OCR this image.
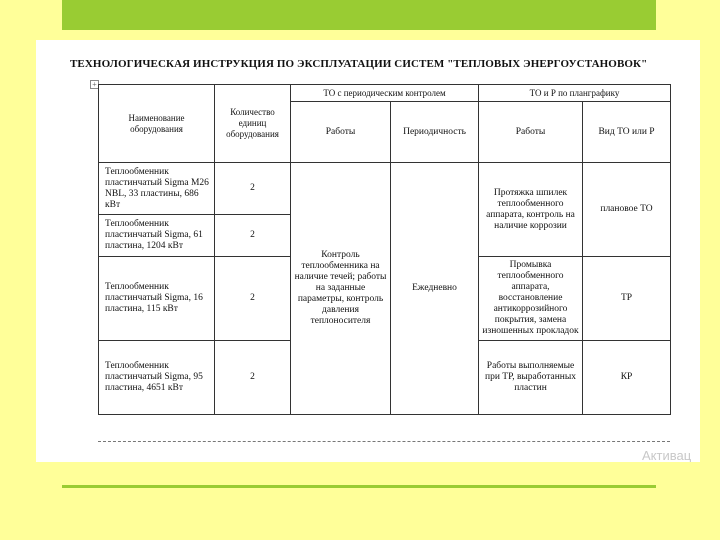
ТЕХНОЛОГИЧЕСКАЯ ИНСТРУКЦИЯ ПО ЭКСПЛУАТАЦИИ СИСТЕМ "ТЕПЛОВЫХ ЭНЕРГОУСТАНОВОК"
+
Наименование оборудования	Количество единиц оборудования	ТО с периодическим контролем		ТО и Р по планграфику	
		Работы	Периодичность	Работы	Вид ТО или Р
Теплообменник пластинчатый Sigma M26 NBL, 33 пластины, 686 кВт	2	Контроль теплообменника на наличие течей; работы на заданные параметры, контроль давления теплоносителя	Ежедневно	Протяжка шпилек теплообменного аппарата, контроль на наличие коррозии	плановое ТО
Теплообменник пластинчатый Sigma, 61 пластина, 1204 кВт	2				
Теплообменник пластинчатый Sigma, 16 пластина, 115 кВт	2			Промывка теплообменного аппарата, восстановление антикоррозийного покрытия, замена изношенных прокладок	ТР
Теплообменник пластинчатый Sigma, 95 пластина, 4651 кВт	2			Работы выполняемые при ТР, выработанных пластин	КР
Активац
